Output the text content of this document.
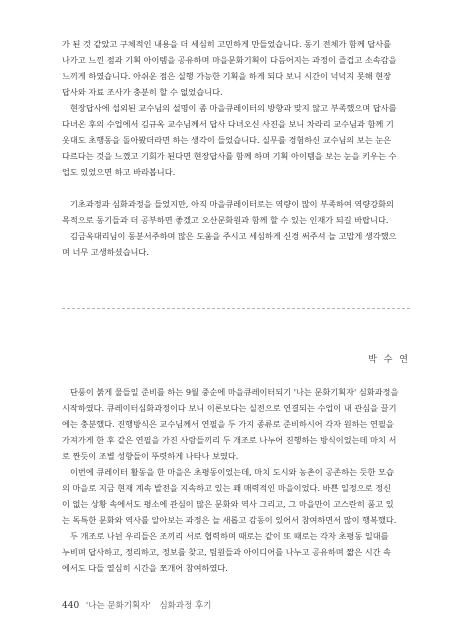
가 된 것 같았고 구체적인 내용을 더 세심히 고민하게 만들었습니다. 동기 전체가 함께 답사를
나가고 느낀 점과 기획 아이템을 공유하며 마을문화기획이 다듬어지는 과정이 즐겁고 소속감을
느끼게 하였습니다. 아쉬운 점은 실행 가능한 기획을 하게 되다 보니 시간이 넉넉지 못해 현장
답사와 자료 조사가 충분히 할 수 없었습니다.
현장답사에 섭외된 교수님의 설명이 좀 마을큐레이터의 방향과 맞지 않고 부족했으며 답사를
다녀온 후의 수업에서 김규옥 교수님께서 답사 다녀오신 사진을 보니 차라리 교수님과 함께 기
웃대도 초행동을 돌아봤더라면 하는 생각이 들었습니다. 실무를 경험하신 교수님의 보는 눈은
다르다는 것을 느꼈고 기회가 된다면 현장답사를 함께 하며 기획 아이템을 보는 눈을 키우는 수
업도 있었으면 하고 바라봅니다.
기초과정과 심화과정을 들었지만, 아직 마을큐레이터로는 역량이 많이 부족하여 역량강화의
목적으로 동기들과 더 공부하면 좋겠고 오산문화원과 함께 할 수 있는 인재가 되길 바랍니다.
김금옥대리님이 동분서주하며 많은 도움을 주시고 세심하게 신경 써주셔 늘 고맙게 생각했으
며 너무 고생하셨습니다.
박 수 연
단풍이 붉게 물들일 준비를 하는 9월 중순에 마을큐레이터되기 '나는 문화기획자' 심화과정을
시작하였다. 큐레이터심화과정이다 보니 이론보다는 실전으로 연결되는 수업이 내 관심을 끌기
에는 충분했다. 진행방식은 교수님께서 연필을 두 가지 종류로 준비하시어 각자 원하는 연필을
가져가게 한 후 같은 연필을 가진 사람들끼리 두 개조로 나누어 진행하는 방식이었는데 마치 서
로 짠듯이 조별 성향들이 뚜렷하게 나타나 보였다.
이번에 큐레이터 활동을 한 마을은 초평동이었는데, 마치 도시와 농촌이 공존하는 듯한 모습
의 마을로 지금 현재 계속 발전을 지속하고 있는 꽤 매력적인 마을이었다. 바쁜 일정으로 정신
이 없는 상황 속에서도 평소에 관심이 많은 문화와 역사 그리고, 그 마을만이 고스란히 품고 있
는 독특한 문화와 역사를 알아보는 과정은 늘 새롭고 감동이 있어서 참여하면서 많이 행복했다.
두 개조로 나뉜 우리들은 조끼리 서로 협력하며 때로는 같이 또 때로는 각자 초평동 일대를
누비며 답사하고, 정리하고, 정보를 찾고, 팀원들과 아이디어를 나누고 공유하며 짧은 시간 속
에서도 다들 열심히 시간을 쪼개어 참여하였다.
440 '나는 문화기획자' 심화과정 후기
